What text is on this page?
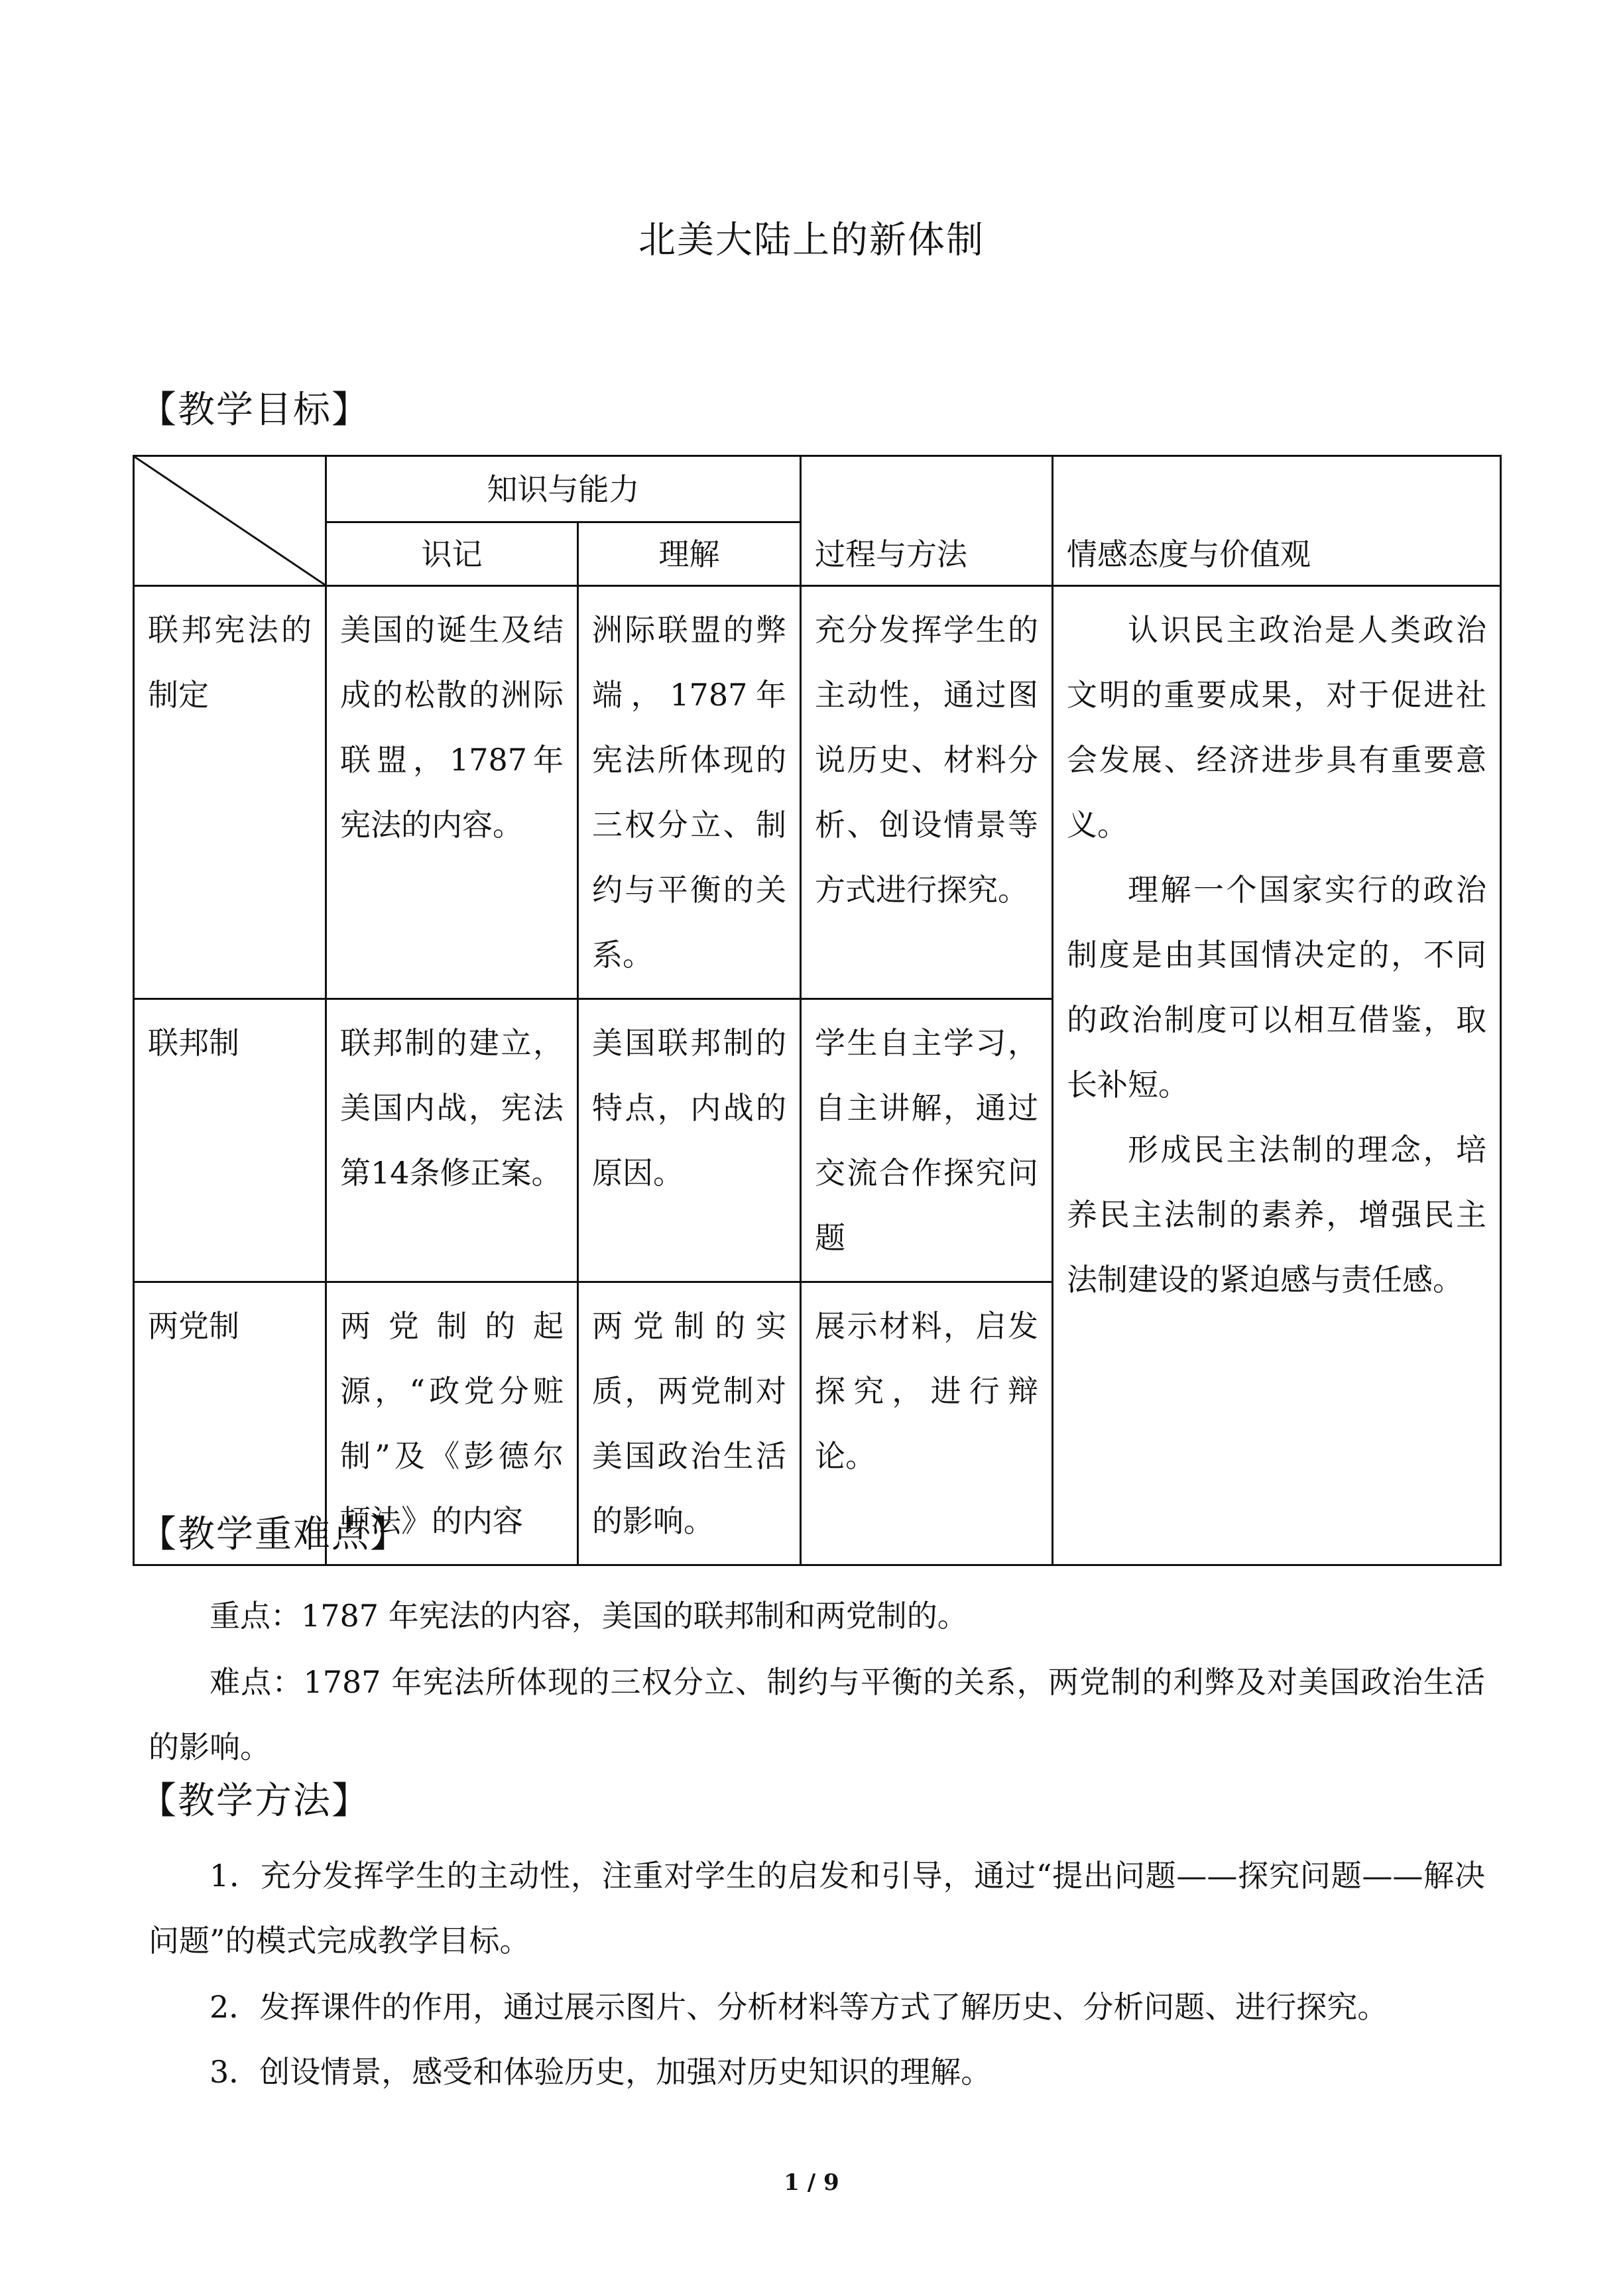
北美大陆上的新体制
【教学目标】
	知识与能力		过程与方法	情感态度与价值观
	识记	理解		
联邦宪法的制定	美国的诞生及结成的松散的洲际联盟，1787年宪法的内容。	洲际联盟的弊端，1787年宪法所体现的三权分立、制约与平衡的关系。	充分发挥学生的主动性，通过图说历史、材料分析、创设情景等方式进行探究。	认识民主政治是人类政治文明的重要成果，对于促进社会发展、经济进步具有重要意义。

理解一个国家实行的政治制度是由其国情决定的，不同的政治制度可以相互借鉴，取长补短。

形成民主法制的理念，培养民主法制的素养，增强民主法制建设的紧迫感与责任感。

联邦制	联邦制的建立，美国内战，宪法第14条修正案。	美国联邦制的特点，内战的原因。	学生自主学习，自主讲解，通过交流合作探究问题	
两党制	两党制的起源，“政党分赃制”及《彭德尔顿法》的内容	两党制的实质，两党制对美国政治生活的影响。	展示材料，启发探究，进行辩论。	
【教学重难点】

重点：1787 年宪法的内容，美国的联邦制和两党制的。

难点：1787 年宪法所体现的三权分立、制约与平衡的关系，两党制的利弊及对美国政治生活的影响。

【教学方法】

1．充分发挥学生的主动性，注重对学生的启发和引导，通过“提出问题——探究问题——解决问题”的模式完成教学目标。

2．发挥课件的作用，通过展示图片、分析材料等方式了解历史、分析问题、进行探究。

3．创设情景，感受和体验历史，加强对历史知识的理解。

1 / 9
